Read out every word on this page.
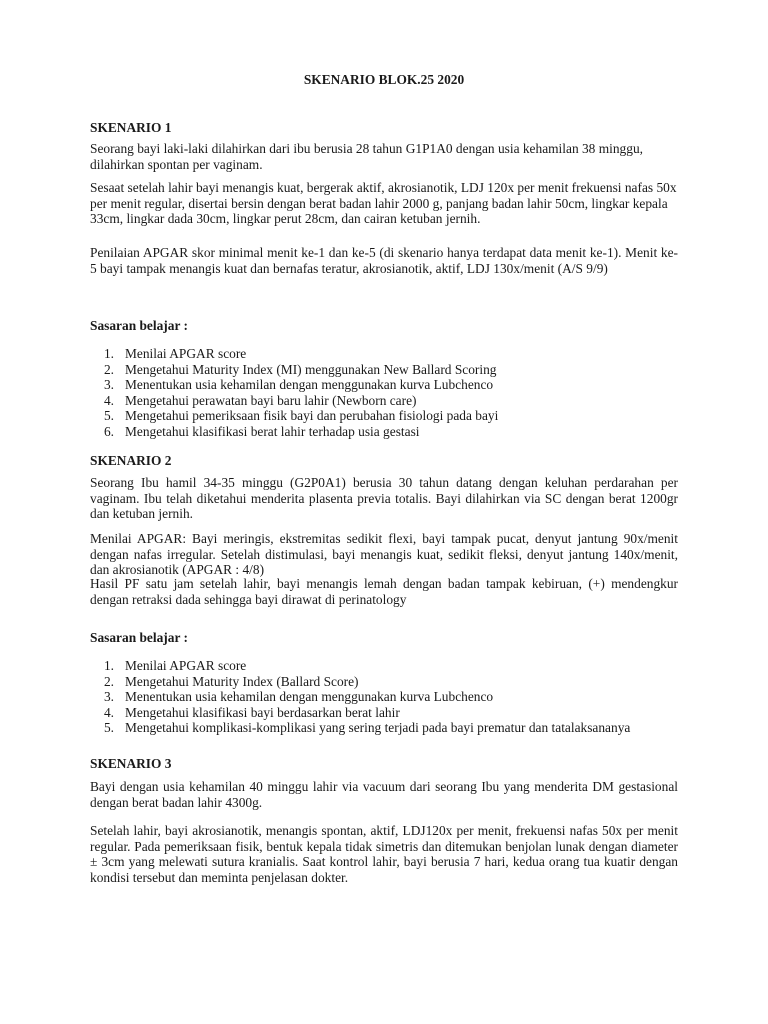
SKENARIO BLOK.25 2020
SKENARIO 1

Seorang bayi laki-laki dilahirkan dari ibu berusia 28 tahun G1P1A0 dengan usia kehamilan 38 minggu, dilahirkan spontan per vaginam.

Sesaat setelah lahir bayi menangis kuat, bergerak aktif, akrosianotik, LDJ 120x per menit frekuensi nafas 50x per menit regular, disertai bersin dengan berat badan lahir 2000 g, panjang badan lahir 50cm, lingkar kepala 33cm, lingkar dada 30cm, lingkar perut 28cm, dan cairan ketuban jernih.

Penilaian APGAR skor minimal menit ke-1 dan ke-5 (di skenario hanya terdapat data menit ke-1). Menit ke-5 bayi tampak menangis kuat dan bernafas teratur, akrosianotik, aktif, LDJ 130x/menit (A/S 9/9)

Sasaran belajar :
1. Menilai APGAR score
2. Mengetahui Maturity Index (MI) menggunakan New Ballard Scoring
3. Menentukan usia kehamilan dengan menggunakan kurva Lubchenco
4. Mengetahui perawatan bayi baru lahir (Newborn care)
5. Mengetahui pemeriksaan fisik bayi dan perubahan fisiologi pada bayi
6. Mengetahui klasifikasi berat lahir terhadap usia gestasi
SKENARIO 2

Seorang Ibu hamil 34-35 minggu (G2P0A1) berusia 30 tahun datang dengan keluhan perdarahan per vaginam. Ibu telah diketahui menderita plasenta previa totalis. Bayi dilahirkan via SC dengan berat 1200gr dan ketuban jernih.

Menilai APGAR: Bayi meringis, ekstremitas sedikit flexi, bayi tampak pucat, denyut jantung 90x/menit dengan nafas irregular. Setelah distimulasi, bayi menangis kuat, sedikit fleksi, denyut jantung 140x/menit, dan akrosianotik (APGAR : 4/8)

Hasil PF satu jam setelah lahir, bayi menangis lemah dengan badan tampak kebiruan, (+) mendengkur dengan retraksi dada sehingga bayi dirawat di perinatology

Sasaran belajar :
1. Menilai APGAR score
2. Mengetahui Maturity Index (Ballard Score)
3. Menentukan usia kehamilan dengan menggunakan kurva Lubchenco
4. Mengetahui klasifikasi bayi berdasarkan berat lahir
5. Mengetahui komplikasi-komplikasi yang sering terjadi pada bayi prematur dan tatalaksananya
SKENARIO 3

Bayi dengan usia kehamilan 40 minggu lahir via vacuum dari seorang Ibu yang menderita DM gestasional dengan berat badan lahir 4300g.

Setelah lahir, bayi akrosianotik, menangis spontan, aktif, LDJ120x per menit, frekuensi nafas 50x per menit regular. Pada pemeriksaan fisik, bentuk kepala tidak simetris dan ditemukan benjolan lunak dengan diameter ± 3cm yang melewati sutura kranialis. Saat kontrol lahir, bayi berusia 7 hari, kedua orang tua kuatir dengan kondisi tersebut dan meminta penjelasan dokter.
